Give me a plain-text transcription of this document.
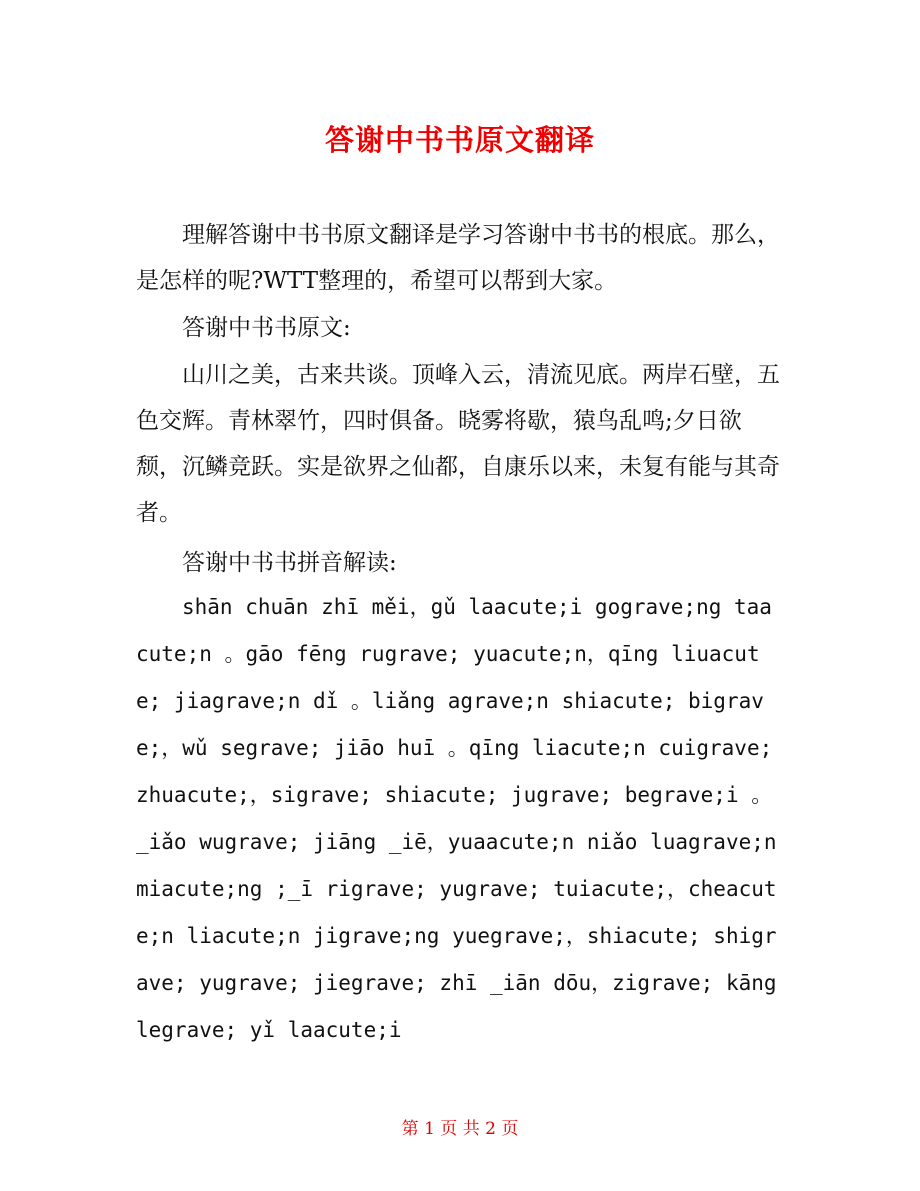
答谢中书书原文翻译

理解答谢中书书原文翻译是学习答谢中书书的根底。那么，是怎样的呢?WTT整理的，希望可以帮到大家。

答谢中书书原文:

山川之美，古来共谈。顶峰入云，清流见底。两岸石壁，五色交辉。青林翠竹，四时俱备。晓雾将歇，猿鸟乱鸣;夕日欲颓，沉鳞竞跃。实是欲界之仙都，自康乐以来，未复有能与其奇者。

答谢中书书拼音解读:

shān chuān zhī měi，gǔ laacute;i gograve;ng taacute;n 。gāo fēng rugrave; yuacute;n，qīng liuacute; jiagrave;n dǐ 。liǎng agrave;n shiacute; bigrave;，wǔ segrave; jiāo huī 。qīng liacute;n cuigrave; zhuacute;，sigrave; shiacute; jugrave; begrave;i 。_iǎo wugrave; jiāng _iē，yuaacute;n niǎo luagrave;n miacute;ng ;_ī rigrave; yugrave; tuiacute;，cheacute;n liacute;n jigrave;ng yuegrave;，shiacute; shigrave; yugrave; jiegrave; zhī _iān dōu，zigrave; kāng legrave; yǐ laacute;i

第 1 页 共 2 页
